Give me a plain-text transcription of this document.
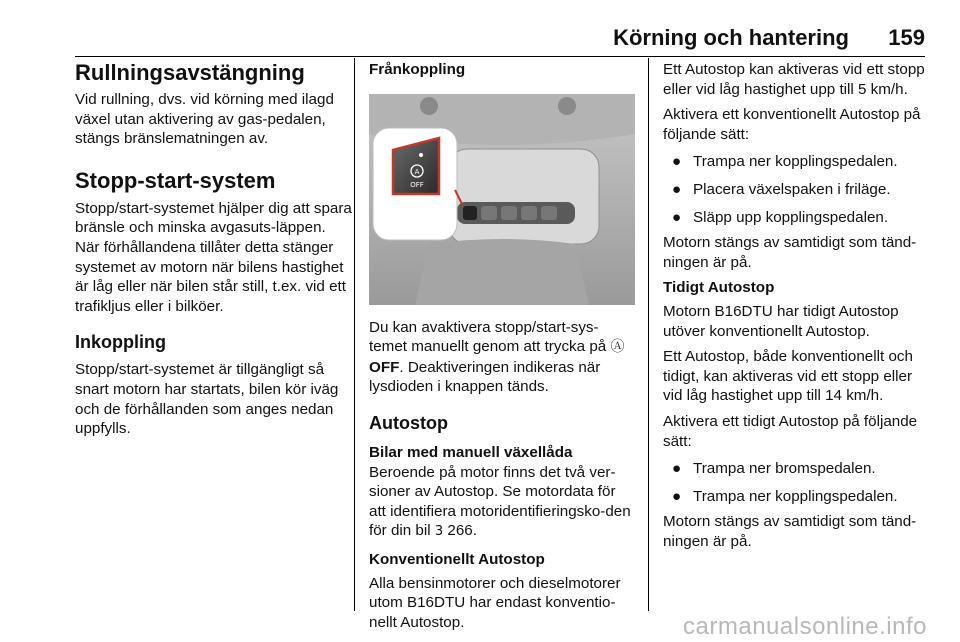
Körning och hantering 159
Rullningsavstängning

Vid rullning, dvs. vid körning med ilagd växel utan aktivering av gas-pedalen, stängs bränslematningen av.

Stopp-start-system

Stopp/start-systemet hjälper dig att spara bränsle och minska avgasuts-läppen. När förhållandena tillåter detta stänger systemet av motorn när bilens hastighet är låg eller när bilen står still, t.ex. vid ett trafikljus eller i bilköer.

Inkoppling

Stopp/start-systemet är tillgängligt så snart motorn har startats, bilen kör iväg och de förhållanden som anges nedan uppfylls.

Frånkoppling
A
OFF

Du kan avaktivera stopp/start-sys-temet manuellt genom att trycka på Ⓐ OFF. Deaktiveringen indikeras när lysdioden i knappen tänds.

Autostop
Bilar med manuell växellåda

Beroende på motor finns det två ver-sioner av Autostop. Se motordata för att identifiera motoridentifieringsko-den för din bil 3 266.

Konventionellt Autostop

Alla bensinmotorer och dieselmotorer utom B16DTU har endast konventio-nellt Autostop.

Ett Autostop kan aktiveras vid ett stopp eller vid låg hastighet upp till 5 km/h.

Aktivera ett konventionellt Autostop på följande sätt:

● Trampa ner kopplingspedalen.
● Placera växelspaken i friläge.
● Släpp upp kopplingspedalen.

Motorn stängs av samtidigt som tänd-ningen är på.

Tidigt Autostop

Motorn B16DTU har tidigt Autostop utöver konventionellt Autostop.

Ett Autostop, både konventionellt och tidigt, kan aktiveras vid ett stopp eller vid låg hastighet upp till 14 km/h.

Aktivera ett tidigt Autostop på följande sätt:

● Trampa ner bromspedalen.
● Trampa ner kopplingspedalen.

Motorn stängs av samtidigt som tänd-ningen är på.

carmanualsonline.info
